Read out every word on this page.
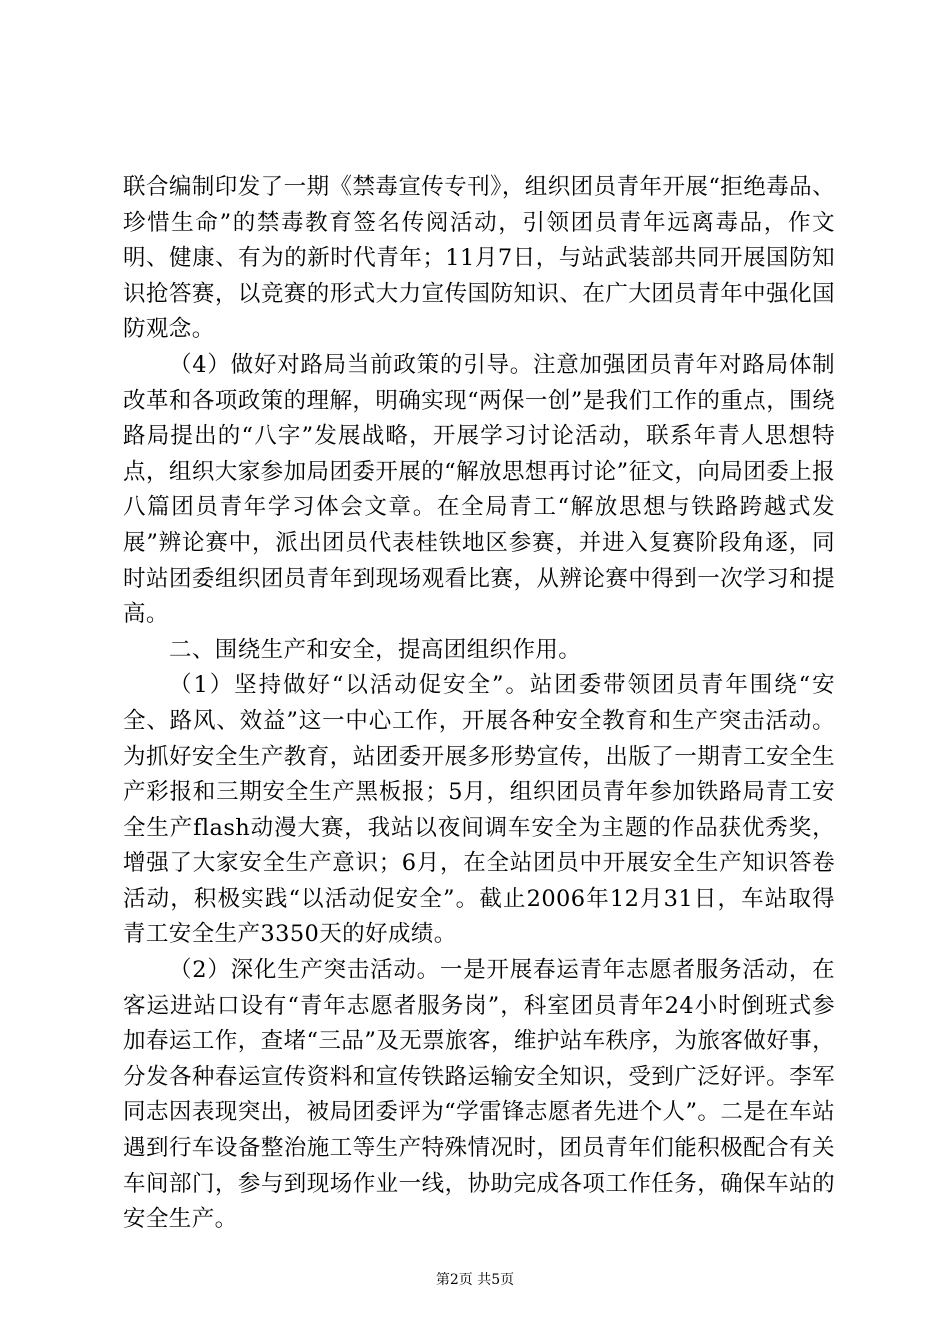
联合编制印发了一期《禁毒宣传专刊》，组织团员青年开展“拒绝毒品、珍惜生命”的禁毒教育签名传阅活动，引领团员青年远离毒品，作文明、健康、有为的新时代青年；11月7日，与站武装部共同开展国防知识抢答赛，以竞赛的形式大力宣传国防知识、在广大团员青年中强化国防观念。

（4）做好对路局当前政策的引导。注意加强团员青年对路局体制改革和各项政策的理解，明确实现“两保一创”是我们工作的重点，围绕路局提出的“八字”发展战略，开展学习讨论活动，联系年青人思想特点，组织大家参加局团委开展的“解放思想再讨论”征文，向局团委上报八篇团员青年学习体会文章。在全局青工“解放思想与铁路跨越式发展”辨论赛中，派出团员代表桂铁地区参赛，并进入复赛阶段角逐，同时站团委组织团员青年到现场观看比赛，从辨论赛中得到一次学习和提高。

二、围绕生产和安全，提高团组织作用。

（1）坚持做好“以活动促安全”。站团委带领团员青年围绕“安全、路风、效益”这一中心工作，开展各种安全教育和生产突击活动。为抓好安全生产教育，站团委开展多形势宣传，出版了一期青工安全生产彩报和三期安全生产黑板报；5月，组织团员青年参加铁路局青工安全生产flash动漫大赛，我站以夜间调车安全为主题的作品获优秀奖，增强了大家安全生产意识；6月，在全站团员中开展安全生产知识答卷活动，积极实践“以活动促安全”。截止2006年12月31日，车站取得青工安全生产3350天的好成绩。

（2）深化生产突击活动。一是开展春运青年志愿者服务活动，在客运进站口设有“青年志愿者服务岗”，科室团员青年24小时倒班式参加春运工作，查堵“三品”及无票旅客，维护站车秩序，为旅客做好事，分发各种春运宣传资料和宣传铁路运输安全知识，受到广泛好评。李军同志因表现突出，被局团委评为“学雷锋志愿者先进个人”。二是在车站遇到行车设备整治施工等生产特殊情况时，团员青年们能积极配合有关车间部门，参与到现场作业一线，协助完成各项工作任务，确保车站的安全生产。

第2页 共5页
